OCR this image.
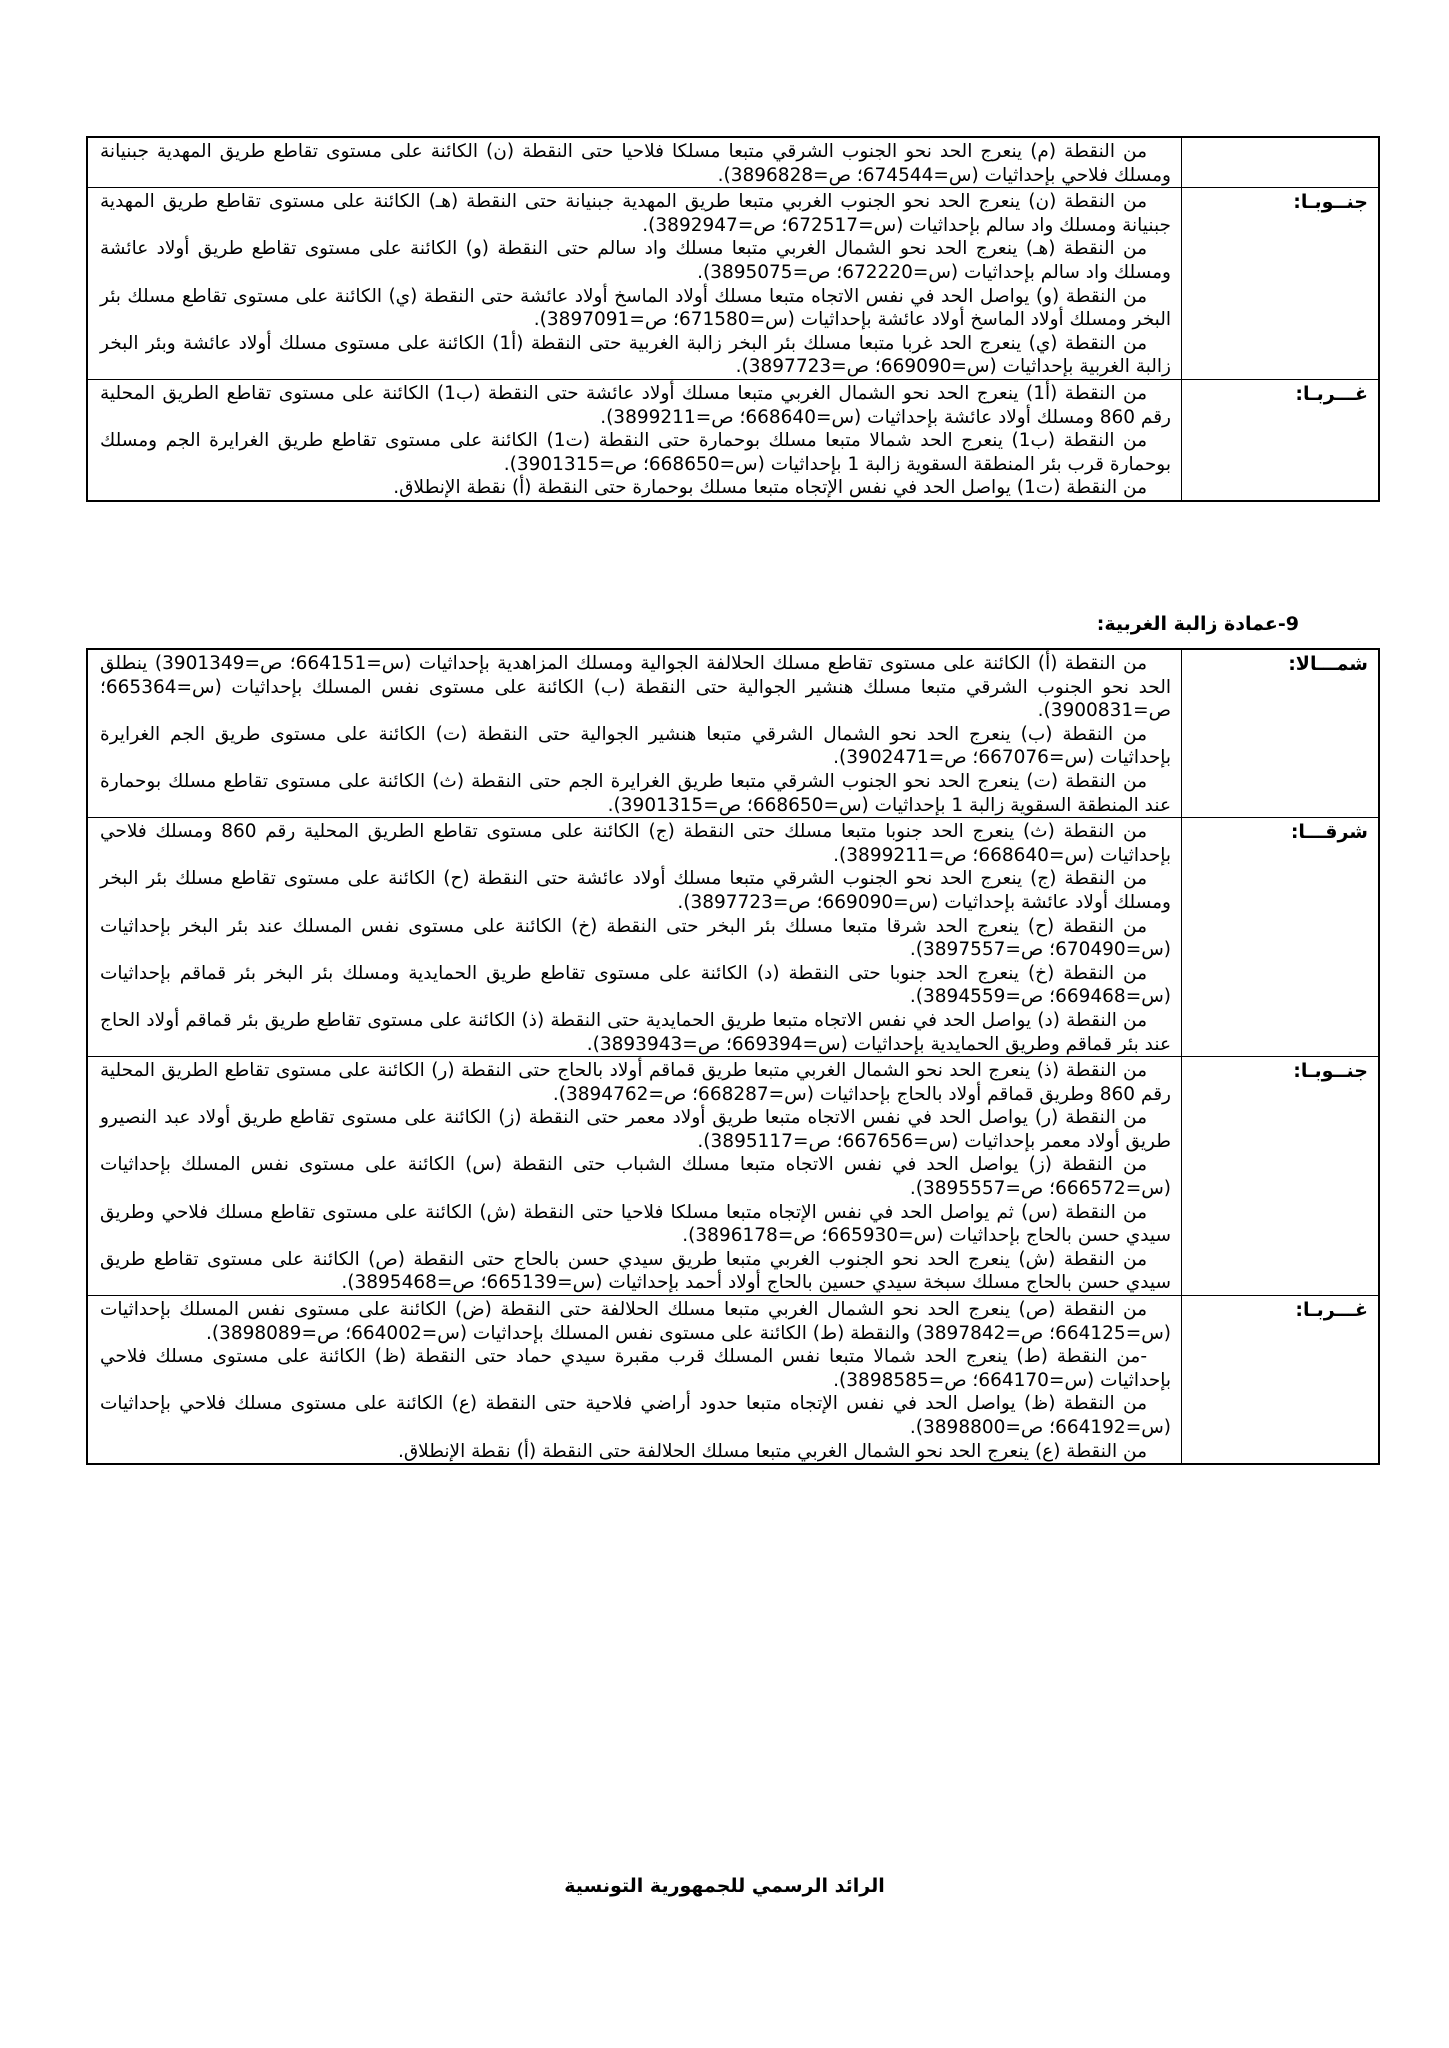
	من النقطة (م) ينعرج الحد نحو الجنوب الشرقي متبعا مسلكا فلاحيا حتى النقطة (ن) الكائنة على مستوى تقاطع طريق المهدية جبنيانة ومسلك فلاحي بإحداثيات (س=674544؛ ص=3896828).

جنــوبـا:	من النقطة (ن) ينعرج الحد نحو الجنوب الغربي متبعا طريق المهدية جبنيانة حتى النقطة (هـ) الكائنة على مستوى تقاطع طريق المهدية جبنيانة ومسلك واد سالم بإحداثيات (س=672517؛ ص=3892947).

من النقطة (هـ) ينعرج الحد نحو الشمال الغربي متبعا مسلك واد سالم حتى النقطة (و) الكائنة على مستوى تقاطع طريق أولاد عائشة ومسلك واد سالم بإحداثيات (س=672220؛ ص=3895075).

من النقطة (و) يواصل الحد في نفس الاتجاه متبعا مسلك أولاد الماسخ أولاد عائشة حتى النقطة (ي) الكائنة على مستوى تقاطع مسلك بئر البخر ومسلك أولاد الماسخ أولاد عائشة بإحداثيات (س=671580؛ ص=3897091).

من النقطة (ي) ينعرج الحد غربا متبعا مسلك بئر البخر زالبة الغربية حتى النقطة (أ1) الكائنة على مستوى مسلك أولاد عائشة وبئر البخر زالبة الغربية بإحداثيات (س=669090؛ ص=3897723).

غـــربـا:	من النقطة (أ1) ينعرج الحد نحو الشمال الغربي متبعا مسلك أولاد عائشة حتى النقطة (ب1) الكائنة على مستوى تقاطع الطريق المحلية رقم 860 ومسلك أولاد عائشة بإحداثيات (س=668640؛ ص=3899211).

من النقطة (ب1) ينعرج الحد شمالا متبعا مسلك بوحمارة حتى النقطة (ت1) الكائنة على مستوى تقاطع طريق الغرايرة الجم ومسلك بوحمارة قرب بئر المنطقة السقوية زالبة 1 بإحداثيات (س=668650؛ ص=3901315).

من النقطة (ت1) يواصل الحد في نفس الإتجاه متبعا مسلك بوحمارة حتى النقطة (أ) نقطة الإنطلاق.

9-عمادة زالبة الغربية:

شمـــالا:	من النقطة (أ) الكائنة على مستوى تقاطع مسلك الحلالفة الجوالية ومسلك المزاهدية بإحداثيات (س=664151؛ ص=3901349) ينطلق الحد نحو الجنوب الشرقي متبعا مسلك هنشير الجوالية حتى النقطة (ب) الكائنة على مستوى نفس المسلك بإحداثيات (س=665364؛ ص=3900831).

من النقطة (ب) ينعرج الحد نحو الشمال الشرقي متبعا هنشير الجوالية حتى النقطة (ت) الكائنة على مستوى طريق الجم الغرايرة بإحداثيات (س=667076؛ ص=3902471).

من النقطة (ت) ينعرج الحد نحو الجنوب الشرقي متبعا طريق الغرايرة الجم حتى النقطة (ث) الكائنة على مستوى تقاطع مسلك بوحمارة عند المنطقة السقوية زالبة 1 بإحداثيات (س=668650؛ ص=3901315).

شرقـــا:	من النقطة (ث) ينعرج الحد جنوبا متبعا مسلك حتى النقطة (ج) الكائنة على مستوى تقاطع الطريق المحلية رقم 860 ومسلك فلاحي بإحداثيات (س=668640؛ ص=3899211).

من النقطة (ج) ينعرج الحد نحو الجنوب الشرقي متبعا مسلك أولاد عائشة حتى النقطة (ح) الكائنة على مستوى تقاطع مسلك بئر البخر ومسلك أولاد عائشة بإحداثيات (س=669090؛ ص=3897723).

من النقطة (ح) ينعرج الحد شرقا متبعا مسلك بئر البخر حتى النقطة (خ) الكائنة على مستوى نفس المسلك عند بئر البخر بإحداثيات (س=670490؛ ص=3897557).

من النقطة (خ) ينعرج الحد جنوبا حتى النقطة (د) الكائنة على مستوى تقاطع طريق الحمايدية ومسلك بئر البخر بئر قماقم بإحداثيات (س=669468؛ ص=3894559).

من النقطة (د) يواصل الحد في نفس الاتجاه متبعا طريق الحمايدية حتى النقطة (ذ) الكائنة على مستوى تقاطع طريق بئر قماقم أولاد الحاج عند بئر قماقم وطريق الحمايدية بإحداثيات (س=669394؛ ص=3893943).

جنــوبـا:	من النقطة (ذ) ينعرج الحد نحو الشمال الغربي متبعا طريق قماقم أولاد بالحاج حتى النقطة (ر) الكائنة على مستوى تقاطع الطريق المحلية رقم 860 وطريق قماقم أولاد بالحاج بإحداثيات (س=668287؛ ص=3894762).

من النقطة (ر) يواصل الحد في نفس الاتجاه متبعا طريق أولاد معمر حتى النقطة (ز) الكائنة على مستوى تقاطع طريق أولاد عبد النصيرو طريق أولاد معمر بإحداثيات (س=667656؛ ص=3895117).

من النقطة (ز) يواصل الحد في نفس الاتجاه متبعا مسلك الشباب حتى النقطة (س) الكائنة على مستوى نفس المسلك بإحداثيات (س=666572؛ ص=3895557).

من النقطة (س) ثم يواصل الحد في نفس الإتجاه متبعا مسلكا فلاحيا حتى النقطة (ش) الكائنة على مستوى تقاطع مسلك فلاحي وطريق سيدي حسن بالحاج بإحداثيات (س=665930؛ ص=3896178).

من النقطة (ش) ينعرج الحد نحو الجنوب الغربي متبعا طريق سيدي حسن بالحاج حتى النقطة (ص) الكائنة على مستوى تقاطع طريق سيدي حسن بالحاج مسلك سبخة سيدي حسين بالحاج أولاد أحمد بإحداثيات (س=665139؛ ص=3895468).

غـــربـا:	من النقطة (ص) ينعرج الحد نحو الشمال الغربي متبعا مسلك الحلالفة حتى النقطة (ض) الكائنة على مستوى نفس المسلك بإحداثيات (س=664125؛ ص=3897842) والنقطة (ط) الكائنة على مستوى نفس المسلك بإحداثيات (س=664002؛ ص=3898089).

-من النقطة (ط) ينعرج الحد شمالا متبعا نفس المسلك قرب مقبرة سيدي حماد حتى النقطة (ظ) الكائنة على مستوى مسلك فلاحي بإحداثيات (س=664170؛ ص=3898585).

من النقطة (ظ) يواصل الحد في نفس الإتجاه متبعا حدود أراضي فلاحية حتى النقطة (ع) الكائنة على مستوى مسلك فلاحي بإحداثيات (س=664192؛ ص=3898800).

من النقطة (ع) ينعرج الحد نحو الشمال الغربي متبعا مسلك الحلالفة حتى النقطة (أ) نقطة الإنطلاق.

الرائد الرسمي للجمهورية التونسية
